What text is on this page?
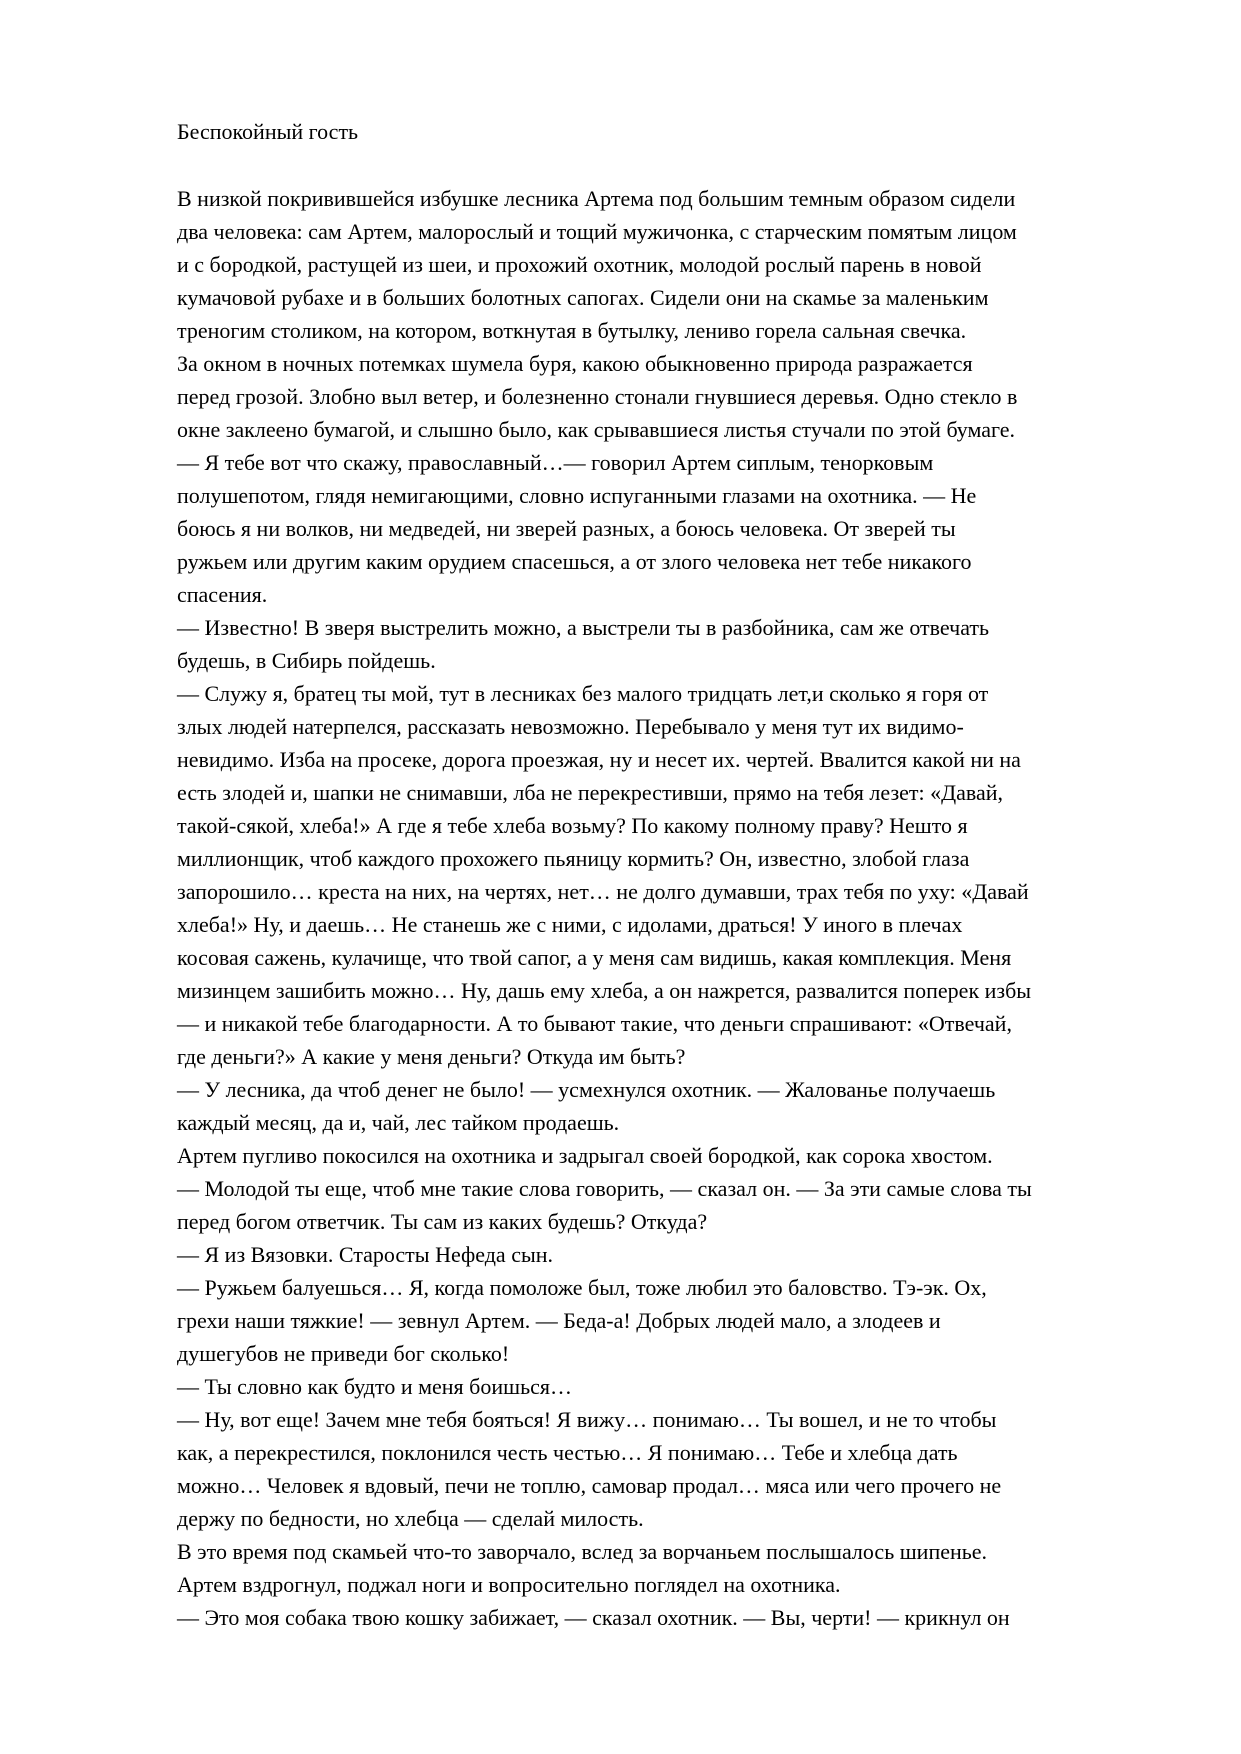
Беспокойный гость
В низкой покривившейся избушке лесника Артема под большим темным образом сидели
два человека: сам Артем, малорослый и тощий мужичонка, с старческим помятым лицом
и с бородкой, растущей из шеи, и прохожий охотник, молодой рослый парень в новой
кумачовой рубахе и в больших болотных сапогах. Сидели они на скамье за маленьким
треногим столиком, на котором, воткнутая в бутылку, лениво горела сальная свечка.
За окном в ночных потемках шумела буря, какою обыкновенно природа разражается
перед грозой. Злобно выл ветер, и болезненно стонали гнувшиеся деревья. Одно стекло в
окне заклеено бумагой, и слышно было, как срывавшиеся листья стучали по этой бумаге.
— Я тебе вот что скажу, православный…— говорил Артем сиплым, тенорковым
полушепотом, глядя немигающими, словно испуганными глазами на охотника. — Не
боюсь я ни волков, ни медведей, ни зверей разных, а боюсь человека. От зверей ты
ружьем или другим каким орудием спасешься, а от злого человека нет тебе никакого
спасения.
— Известно! В зверя выстрелить можно, а выстрели ты в разбойника, сам же отвечать
будешь, в Сибирь пойдешь.
— Служу я, братец ты мой, тут в лесниках без малого тридцать лет,и сколько я горя от
злых людей натерпелся, рассказать невозможно. Перебывало у меня тут их видимо-
невидимо. Изба на просеке, дорога проезжая, ну и несет их. чертей. Ввалится какой ни на
есть злодей и, шапки не снимавши, лба не перекрестивши, прямо на тебя лезет: «Давай,
такой-сякой, хлеба!» А где я тебе хлеба возьму? По какому полному праву? Нешто я
миллионщик, чтоб каждого прохожего пьяницу кормить? Он, известно, злобой глаза
запорошило… креста на них, на чертях, нет… не долго думавши, трах тебя по уху: «Давай
хлеба!» Ну, и даешь… Не станешь же с ними, с идолами, драться! У иного в плечах
косовая сажень, кулачище, что твой сапог, а у меня сам видишь, какая комплекция. Меня
мизинцем зашибить можно… Ну, дашь ему хлеба, а он нажрется, развалится поперек избы
— и никакой тебе благодарности. А то бывают такие, что деньги спрашивают: «Отвечай,
где деньги?» А какие у меня деньги? Откуда им быть?
— У лесника, да чтоб денег не было! — усмехнулся охотник. — Жалованье получаешь
каждый месяц, да и, чай, лес тайком продаешь.
Артем пугливо покосился на охотника и задрыгал своей бородкой, как сорока хвостом.
— Молодой ты еще, чтоб мне такие слова говорить, — сказал он. — За эти самые слова ты
перед богом ответчик. Ты сам из каких будешь? Откуда?
— Я из Вязовки. Старосты Нефеда сын.
— Ружьем балуешься… Я, когда помоложе был, тоже любил это баловство. Тэ-эк. Ох,
грехи наши тяжкие! — зевнул Артем. — Беда-а! Добрых людей мало, а злодеев и
душегубов не приведи бог сколько!
— Ты словно как будто и меня боишься…
— Ну, вот еще! Зачем мне тебя бояться! Я вижу… понимаю… Ты вошел, и не то чтобы
как, а перекрестился, поклонился честь честью… Я понимаю… Тебе и хлебца дать
можно… Человек я вдовый, печи не топлю, самовар продал… мяса или чего прочего не
держу по бедности, но хлебца — сделай милость.
В это время под скамьей что-то заворчало, вслед за ворчаньем послышалось шипенье.
Артем вздрогнул, поджал ноги и вопросительно поглядел на охотника.
— Это моя собака твою кошку забижает, — сказал охотник. — Вы, черти! — крикнул он
